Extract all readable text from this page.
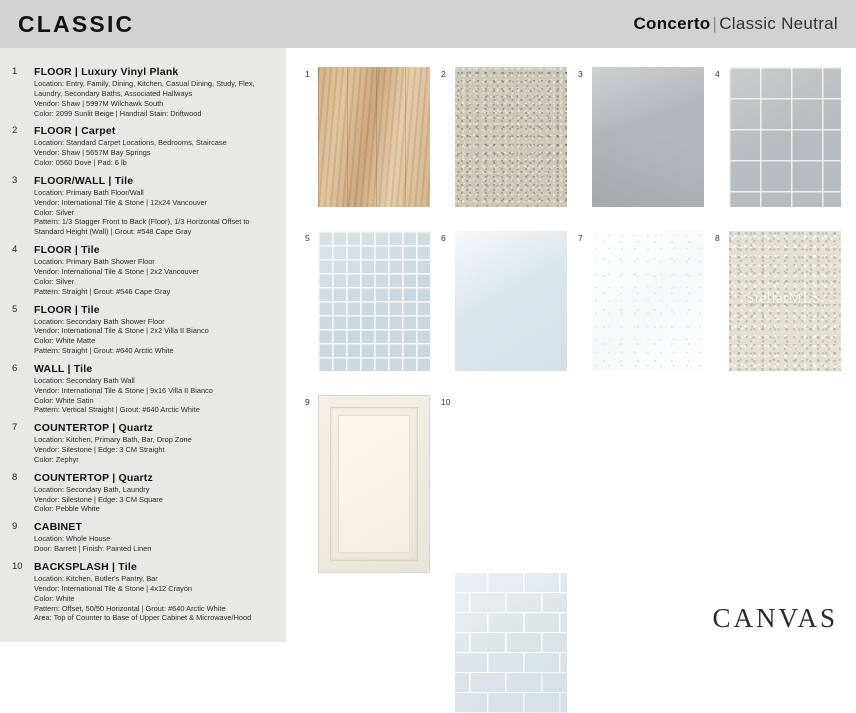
CLASSIC	Concerto | Classic Neutral
1	FLOOR | Luxury Vinyl Plank
Location: Entry, Family, Dining, Kitchen, Casual Dining, Study, Flex,
Laundry, Secondary Baths, Associated Hallways
Vendor: Shaw | 5997M Wilchawk South
Color: 2099 Sunlit Beige | Handrail Stain: Driftwood
2	FLOOR | Carpet
Location: Standard Carpet Locations, Bedrooms, Staircase
Vendor: Shaw | 5657M Bay Springs
Color: 0560 Dove | Pad: 6 lb
3	FLOOR/WALL | Tile
Location: Primary Bath Floor/Wall
Vendor: International Tile & Stone | 12x24 Vancouver
Color: Silver
Pattern: 1/3 Stagger Front to Back (Floor), 1/3 Horizontal Offset to
Standard Height (Wall) | Grout: #548 Cape Gray
4	FLOOR | Tile
Location: Primary Bath Shower Floor
Vendor: International Tile & Stone | 2x2 Vancouver
Color: Silver
Pattern: Straight | Grout: #546 Cape Gray
5	FLOOR | Tile
Location: Secondary Bath Shower Floor
Vendor: International Tile & Stone | 2x2 Villa II Bianco
Color: White Matte
Pattern: Straight | Grout: #640 Arctic White
6	WALL | Tile
Location: Secondary Bath Wall
Vendor: International Tile & Stone | 9x16 Villa II Bianco
Color: White Satin
Pattern: Vertical Straight | Grout: #640 Arctic White
7	COUNTERTOP | Quartz
Location: Kitchen, Primary Bath, Bar, Drop Zone
Vendor: Silestone | Edge: 3 CM Straight
Color: Zephyr
8	COUNTERTOP | Quartz
Location: Secondary Bath, Laundry
Vendor: Silestone | Edge: 3 CM Square
Color: Pebble White
9	CABINET
Location: Whole House
Door: Barrett | Finish: Painted Linen
10	BACKSPLASH | Tile
Location: Kitchen, Butler's Pantry, Bar
Vendor: International Tile & Stone | 4x12 Crayon
Color: White
Pattern: Offset, 50/50 Horizontal | Grout: #640 Arctic White
Area: Top of Counter to Base of Upper Cabinet & Microwave/Hood
1	2	3	4
5	6	7	8
StellarMLS
9	10
CANVAS
